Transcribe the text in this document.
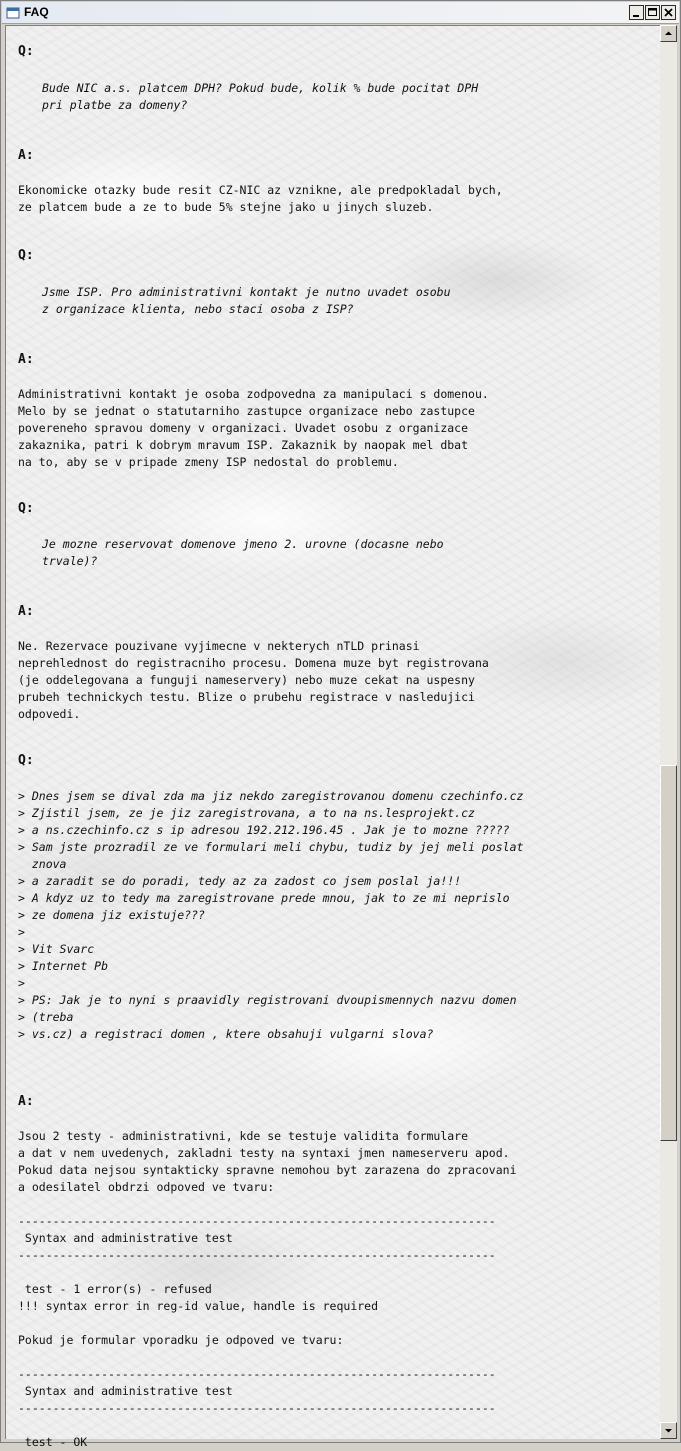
FAQ
Q:
Bude NIC a.s. platcem DPH? Pokud bude, kolik % bude pocitat DPH
pri platbe za domeny?
A:
Ekonomicke otazky bude resit CZ-NIC az vznikne, ale predpokladal bych,
ze platcem bude a ze to bude 5% stejne jako u jinych sluzeb.
Q:
Jsme ISP. Pro administrativni kontakt je nutno uvadet osobu
z organizace klienta, nebo staci osoba z ISP?
A:
Administrativni kontakt je osoba zodpovedna za manipulaci s domenou.
Melo by se jednat o statutarniho zastupce organizace nebo zastupce
povereneho spravou domeny v organizaci. Uvadet osobu z organizace
zakaznika, patri k dobrym mravum ISP. Zakaznik by naopak mel dbat
na to, aby se v pripade zmeny ISP nedostal do problemu.
Q:
Je mozne reservovat domenove jmeno 2. urovne (docasne nebo
trvale)?
A:
Ne. Rezervace pouzivane vyjimecne v nekterych nTLD prinasi
neprehlednost do registracniho procesu. Domena muze byt registrovana
(je oddelegovana a funguji nameservery) nebo muze cekat na uspesny
prubeh technickych testu. Blize o prubehu registrace v nasledujici
odpovedi.
Q:
> Dnes jsem se dival zda ma jiz nekdo zaregistrovanou domenu czechinfo.cz
> Zjistil jsem, ze je jiz zaregistrovana, a to na ns.lesprojekt.cz
> a ns.czechinfo.cz s ip adresou 192.212.196.45 . Jak je to mozne ?????
> Sam jste prozradil ze ve formulari meli chybu, tudiz by jej meli poslat
znova
> a zaradit se do poradi, tedy az za zadost co jsem poslal ja!!!
> A kdyz uz to tedy ma zaregistrovane prede mnou, jak to ze mi neprislo
> ze domena jiz existuje???
>
> Vit Svarc
> Internet Pb
>
> PS: Jak je to nyni s praavidly registrovani dvoupismennych nazvu domen
> (treba
> vs.cz) a registraci domen , ktere obsahuji vulgarni slova?
A:
Jsou 2 testy - administrativni, kde se testuje validita formulare
a dat v nem uvedenych, zakladni testy na syntaxi jmen nameserveru apod.
Pokud data nejsou syntakticky spravne nemohou byt zarazena do zpracovani
a odesilatel obdrzi odpoved ve tvaru:

---------------------------------------------------------------------
Syntax and administrative test
---------------------------------------------------------------------

test - 1 error(s) - refused
!!! syntax error in reg-id value, handle is required

Pokud je formular vporadku je odpoved ve tvaru:

---------------------------------------------------------------------
Syntax and administrative test
---------------------------------------------------------------------

test - OK
